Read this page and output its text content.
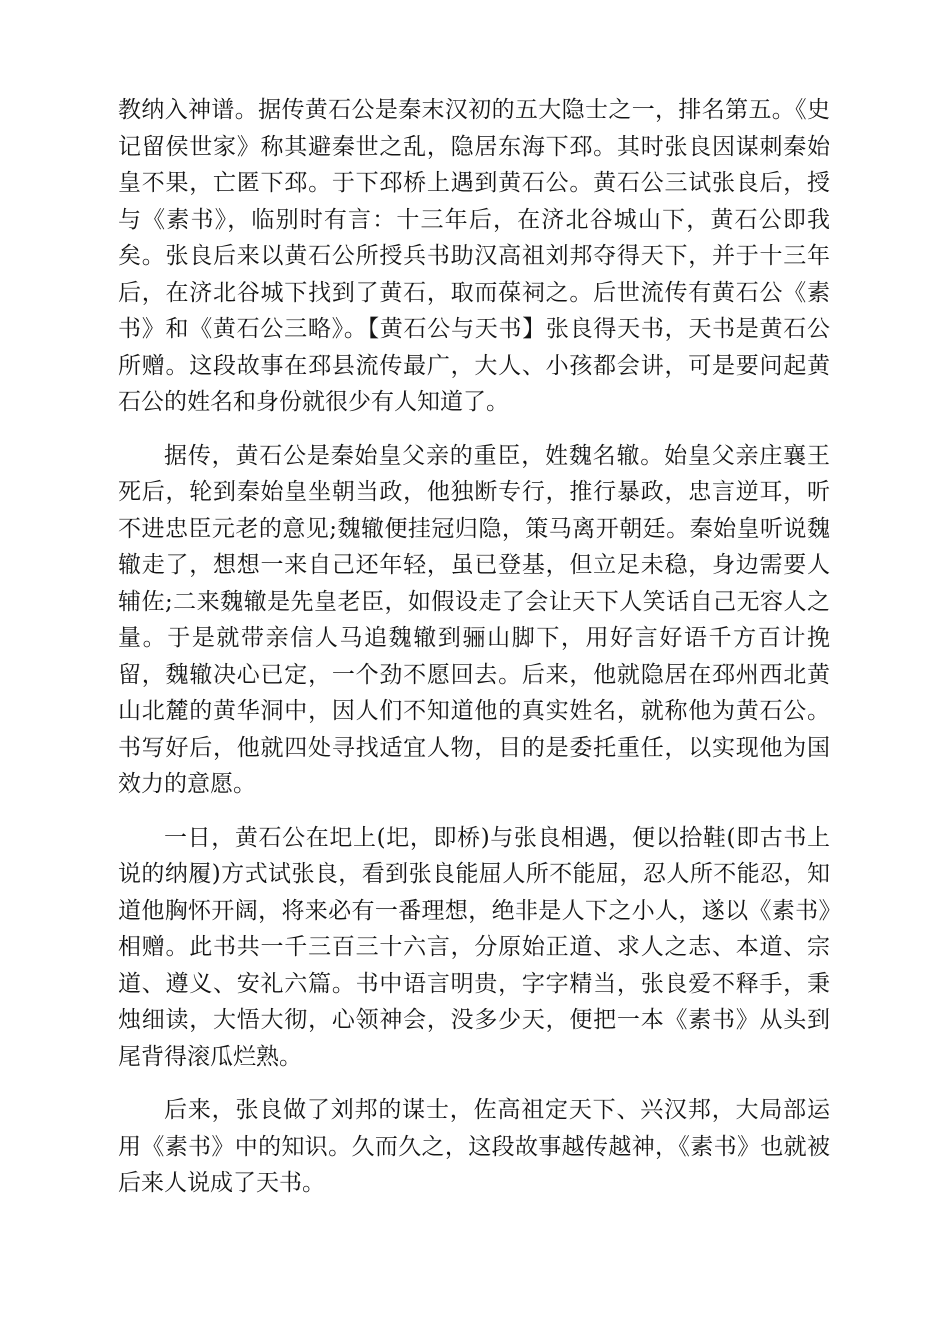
教纳入神谱。据传黄石公是秦末汉初的五大隐士之一，排名第五。《史记留侯世家》称其避秦世之乱，隐居东海下邳。其时张良因谋刺秦始皇不果，亡匿下邳。于下邳桥上遇到黄石公。黄石公三试张良后，授与《素书》，临别时有言：十三年后，在济北谷城山下，黄石公即我矣。张良后来以黄石公所授兵书助汉高祖刘邦夺得天下，并于十三年后，在济北谷城下找到了黄石，取而葆祠之。后世流传有黄石公《素书》和《黄石公三略》。【黄石公与天书】张良得天书，天书是黄石公所赠。这段故事在邳县流传最广，大人、小孩都会讲，可是要问起黄石公的姓名和身份就很少有人知道了。

据传，黄石公是秦始皇父亲的重臣，姓魏名辙。始皇父亲庄襄王死后，轮到秦始皇坐朝当政，他独断专行，推行暴政，忠言逆耳，听不进忠臣元老的意见;魏辙便挂冠归隐，策马离开朝廷。秦始皇听说魏辙走了，想想一来自己还年轻，虽已登基，但立足未稳，身边需要人辅佐;二来魏辙是先皇老臣，如假设走了会让天下人笑话自己无容人之量。于是就带亲信人马追魏辙到骊山脚下，用好言好语千方百计挽留，魏辙决心已定，一个劲不愿回去。后来，他就隐居在邳州西北黄山北麓的黄华洞中，因人们不知道他的真实姓名，就称他为黄石公。书写好后，他就四处寻找适宜人物，目的是委托重任，以实现他为国效力的意愿。

一日，黄石公在圯上(圯，即桥)与张良相遇，便以拾鞋(即古书上说的纳履)方式试张良，看到张良能屈人所不能屈，忍人所不能忍，知道他胸怀开阔，将来必有一番理想，绝非是人下之小人，遂以《素书》相赠。此书共一千三百三十六言，分原始正道、求人之志、本道、宗道、遵义、安礼六篇。书中语言明贵，字字精当，张良爱不释手，秉烛细读，大悟大彻，心领神会，没多少天，便把一本《素书》从头到尾背得滚瓜烂熟。

后来，张良做了刘邦的谋士，佐高祖定天下、兴汉邦，大局部运用《素书》中的知识。久而久之，这段故事越传越神，《素书》也就被后来人说成了天书。
